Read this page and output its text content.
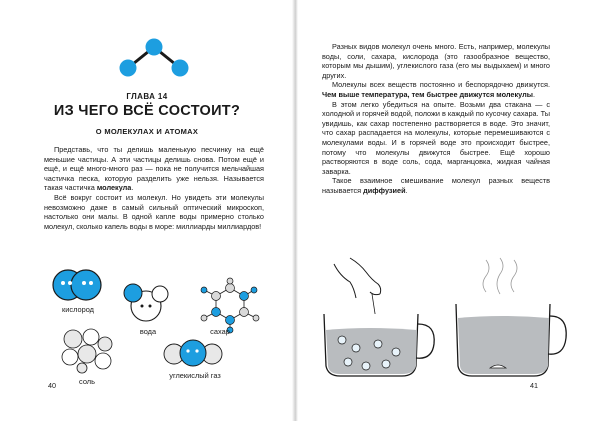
ГЛАВА 14
ИЗ ЧЕГО ВСЁ СОСТОИТ?
О МОЛЕКУЛАХ И АТОМАХ

Представь, что ты делишь маленькую песчинку на ещё меньшие частицы. А эти частицы делишь снова. Потом ещё и ещё, и ещё много-много раз — пока не получится мельчайшая частичка песка, которую разделить уже нельзя. Называется такая частичка молекула.

Всё вокруг состоит из молекул. Но увидеть эти молекулы невозможно даже в самый сильный оптический микроскоп, настолько они малы. В одной капле воды примерно столько молекул, сколько капель воды в море: миллиарды миллиардов!

кислород
вода	сахар
соль
углекислый газ
40

Разных видов молекул очень много. Есть, например, молекулы воды, соли, сахара, кислорода (это газообразное вещество, которым мы дышим), углекислого газа (его мы выдыхаем) и много других.

Молекулы всех веществ постоянно и беспорядочно движутся. Чем выше температура, тем быстрее движутся молекулы.

В этом легко убедиться на опыте. Возьми два стакана — с холодной и горячей водой, положи в каждый по кусочку сахара. Ты увидишь, как сахар постепенно растворяется в воде. Это значит, что сахар распадается на молекулы, которые перемешиваются с молекулами воды. И в горячей воде это происходит быстрее, потому что молекулы движутся быстрее. Ещё хорошо растворяются в воде соль, сода, марганцовка, жидкая чайная заварка.

Такое взаимное смешивание молекул разных веществ называется диффузией.

41
